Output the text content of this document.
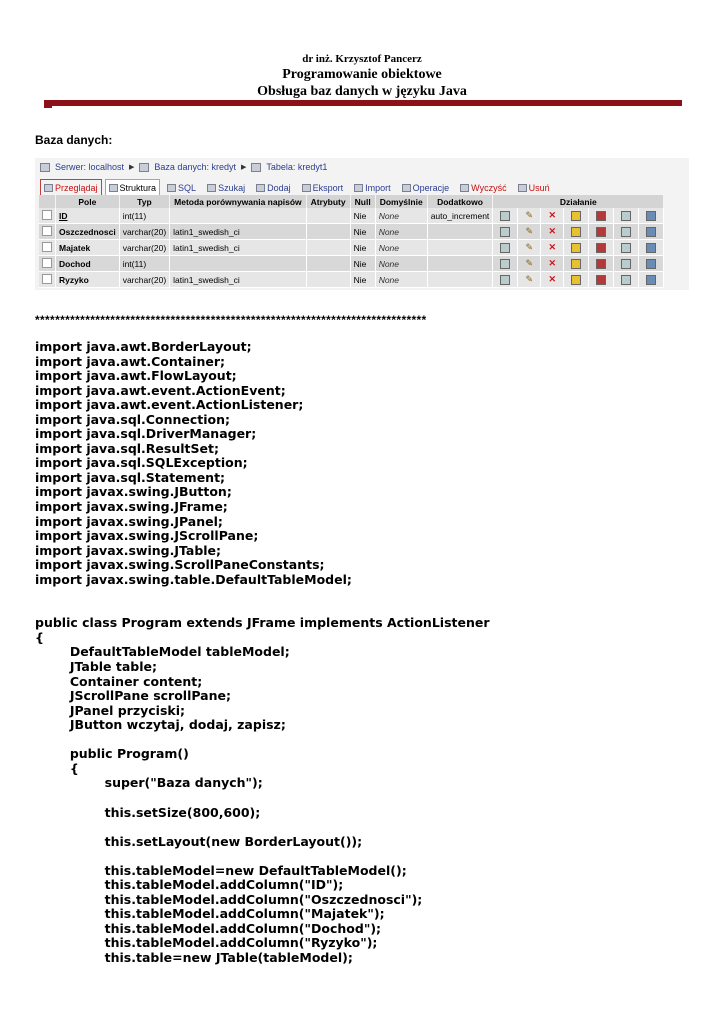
dr inż. Krzysztof Pancerz
Programowanie obiektowe
Obsługa baz danych w języku Java
Baza danych:
Serwer: localhost ▶ Baza danych: kredyt ▶ Tabela: kredyt1
Przeglądaj Struktura SQL Szukaj Dodaj Eksport Import Operacje Wyczyść Usuń
	Pole	Typ	Metoda porównywania napisów	Atrybuty	Null	Domyślnie	Dodatkowo	Działanie						
	ID	int(11)			Nie	None	auto_increment		✎	✕				
	Oszczednosci	varchar(20)	latin1_swedish_ci		Nie	None			✎	✕				
	Majatek	varchar(20)	latin1_swedish_ci		Nie	None			✎	✕				
	Dochod	int(11)			Nie	None			✎	✕				
	Ryzyko	varchar(20)	latin1_swedish_ci		Nie	None			✎	✕				
******************************************************************************
import java.awt.BorderLayout;
import java.awt.Container;
import java.awt.FlowLayout;
import java.awt.event.ActionEvent;
import java.awt.event.ActionListener;
import java.sql.Connection;
import java.sql.DriverManager;
import java.sql.ResultSet;
import java.sql.SQLException;
import java.sql.Statement;
import javax.swing.JButton;
import javax.swing.JFrame;
import javax.swing.JPanel;
import javax.swing.JScrollPane;
import javax.swing.JTable;
import javax.swing.ScrollPaneConstants;
import javax.swing.table.DefaultTableModel;

public class Program extends JFrame implements ActionListener
{
DefaultTableModel tableModel;
JTable table;
Container content;
JScrollPane scrollPane;
JPanel przyciski;
JButton wczytaj, dodaj, zapisz;

public Program()
{
super("Baza danych");

this.setSize(800,600);

this.setLayout(new BorderLayout());

this.tableModel=new DefaultTableModel();
this.tableModel.addColumn("ID");
this.tableModel.addColumn("Oszczednosci");
this.tableModel.addColumn("Majatek");
this.tableModel.addColumn("Dochod");
this.tableModel.addColumn("Ryzyko");
this.table=new JTable(tableModel);
